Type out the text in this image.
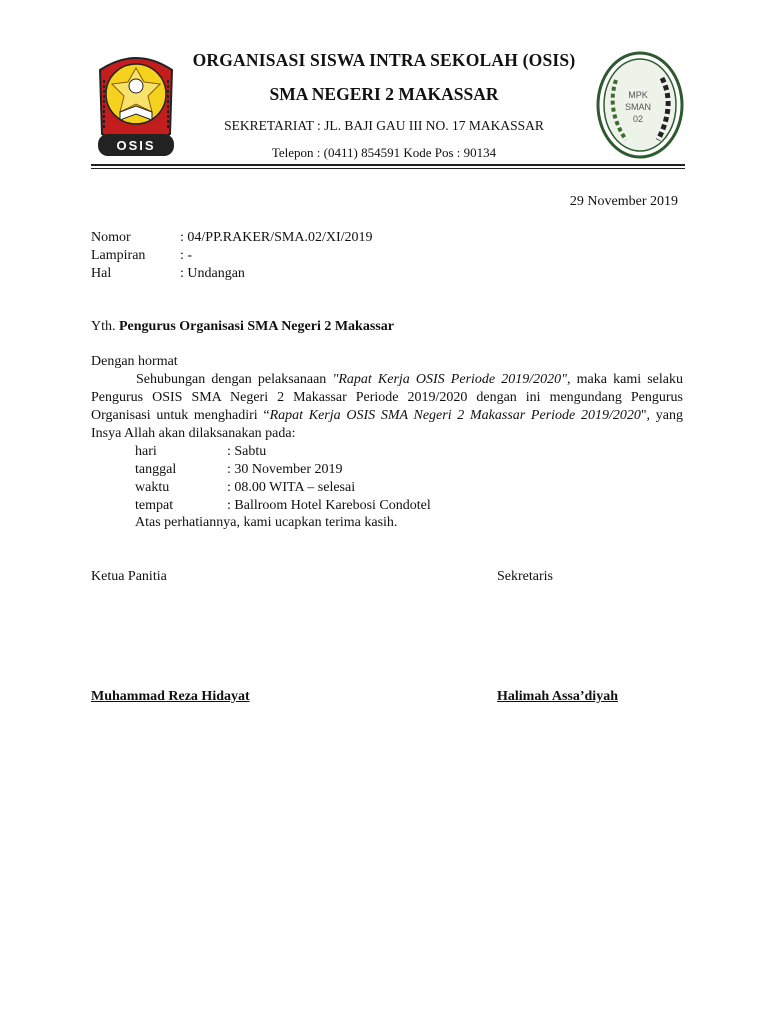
OSIS
MPK
SMAN
02
ORGANISASI SISWA INTRA SEKOLAH (OSIS)
SMA NEGERI 2 MAKASSAR
SEKRETARIAT : JL. BAJI GAU III NO. 17 MAKASSAR
Telepon : (0411) 854591 Kode Pos : 90134
29 November 2019
Nomor	: 04/PP.RAKER/SMA.02/XI/2019
Lampiran : -
Hal	: Undangan
Yth. Pengurus Organisasi SMA Negeri 2 Makassar
Dengan hormat
Sehubungan dengan pelaksanaan "Rapat Kerja OSIS Periode 2019/2020", maka kami selaku Pengurus OSIS SMA Negeri 2 Makassar Periode 2019/2020 dengan ini mengundang Pengurus Organisasi untuk menghadiri “Rapat Kerja OSIS SMA Negeri 2 Makassar Periode 2019/2020", yang Insya Allah akan dilaksanakan pada:
hari	: Sabtu
tanggal	: 30 November 2019
waktu	: 08.00 WITA – selesai
tempat	: Ballroom Hotel Karebosi Condotel
Atas perhatiannya, kami ucapkan terima kasih.
Ketua Panitia	Sekretaris
Muhammad Reza Hidayat	Halimah Assa’diyah
